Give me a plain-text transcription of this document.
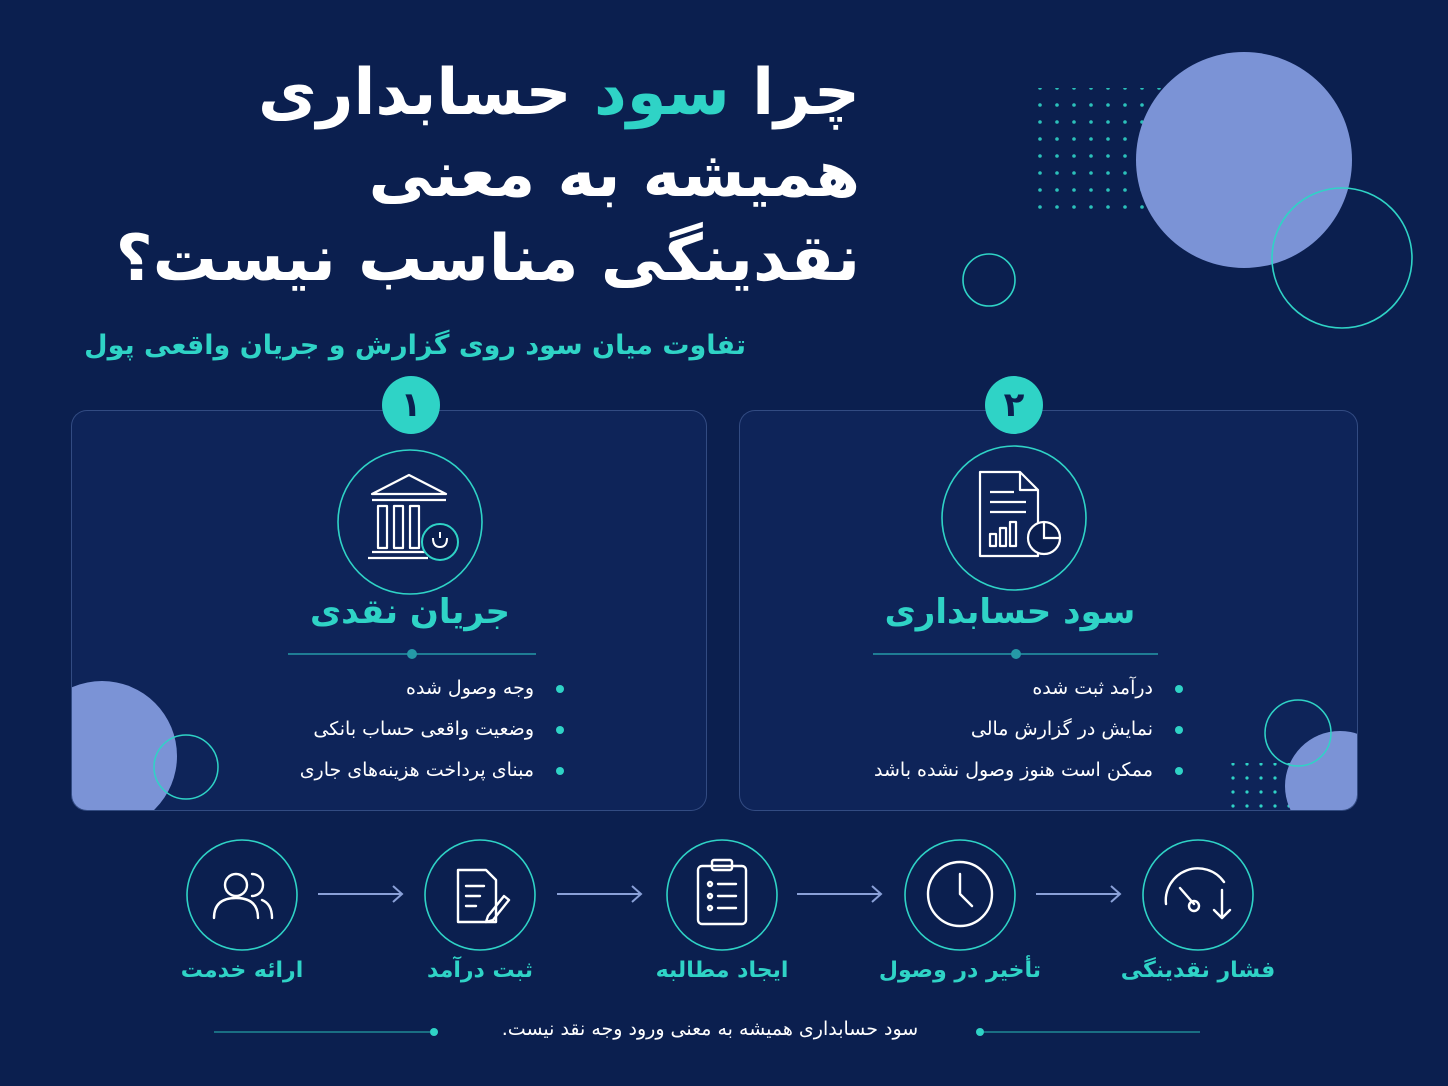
چرا سود حسابداری
همیشه به معنی
نقدینگی مناسب نیست؟
تفاوت میان سود روی گزارش و جریان واقعی پول
۱
جریان نقدی
وجه وصول شده
وضعیت واقعی حساب بانکی
مبنای پرداخت هزینه‌های جاری
۲
سود حسابداری
درآمد ثبت شده
نمایش در گزارش مالی
ممکن است هنوز وصول نشده باشد
ارائه خدمت	ثبت درآمد	ایجاد مطالبه	تأخیر در وصول	فشار نقدینگی
سود حسابداری همیشه به معنی ورود وجه نقد نیست.
